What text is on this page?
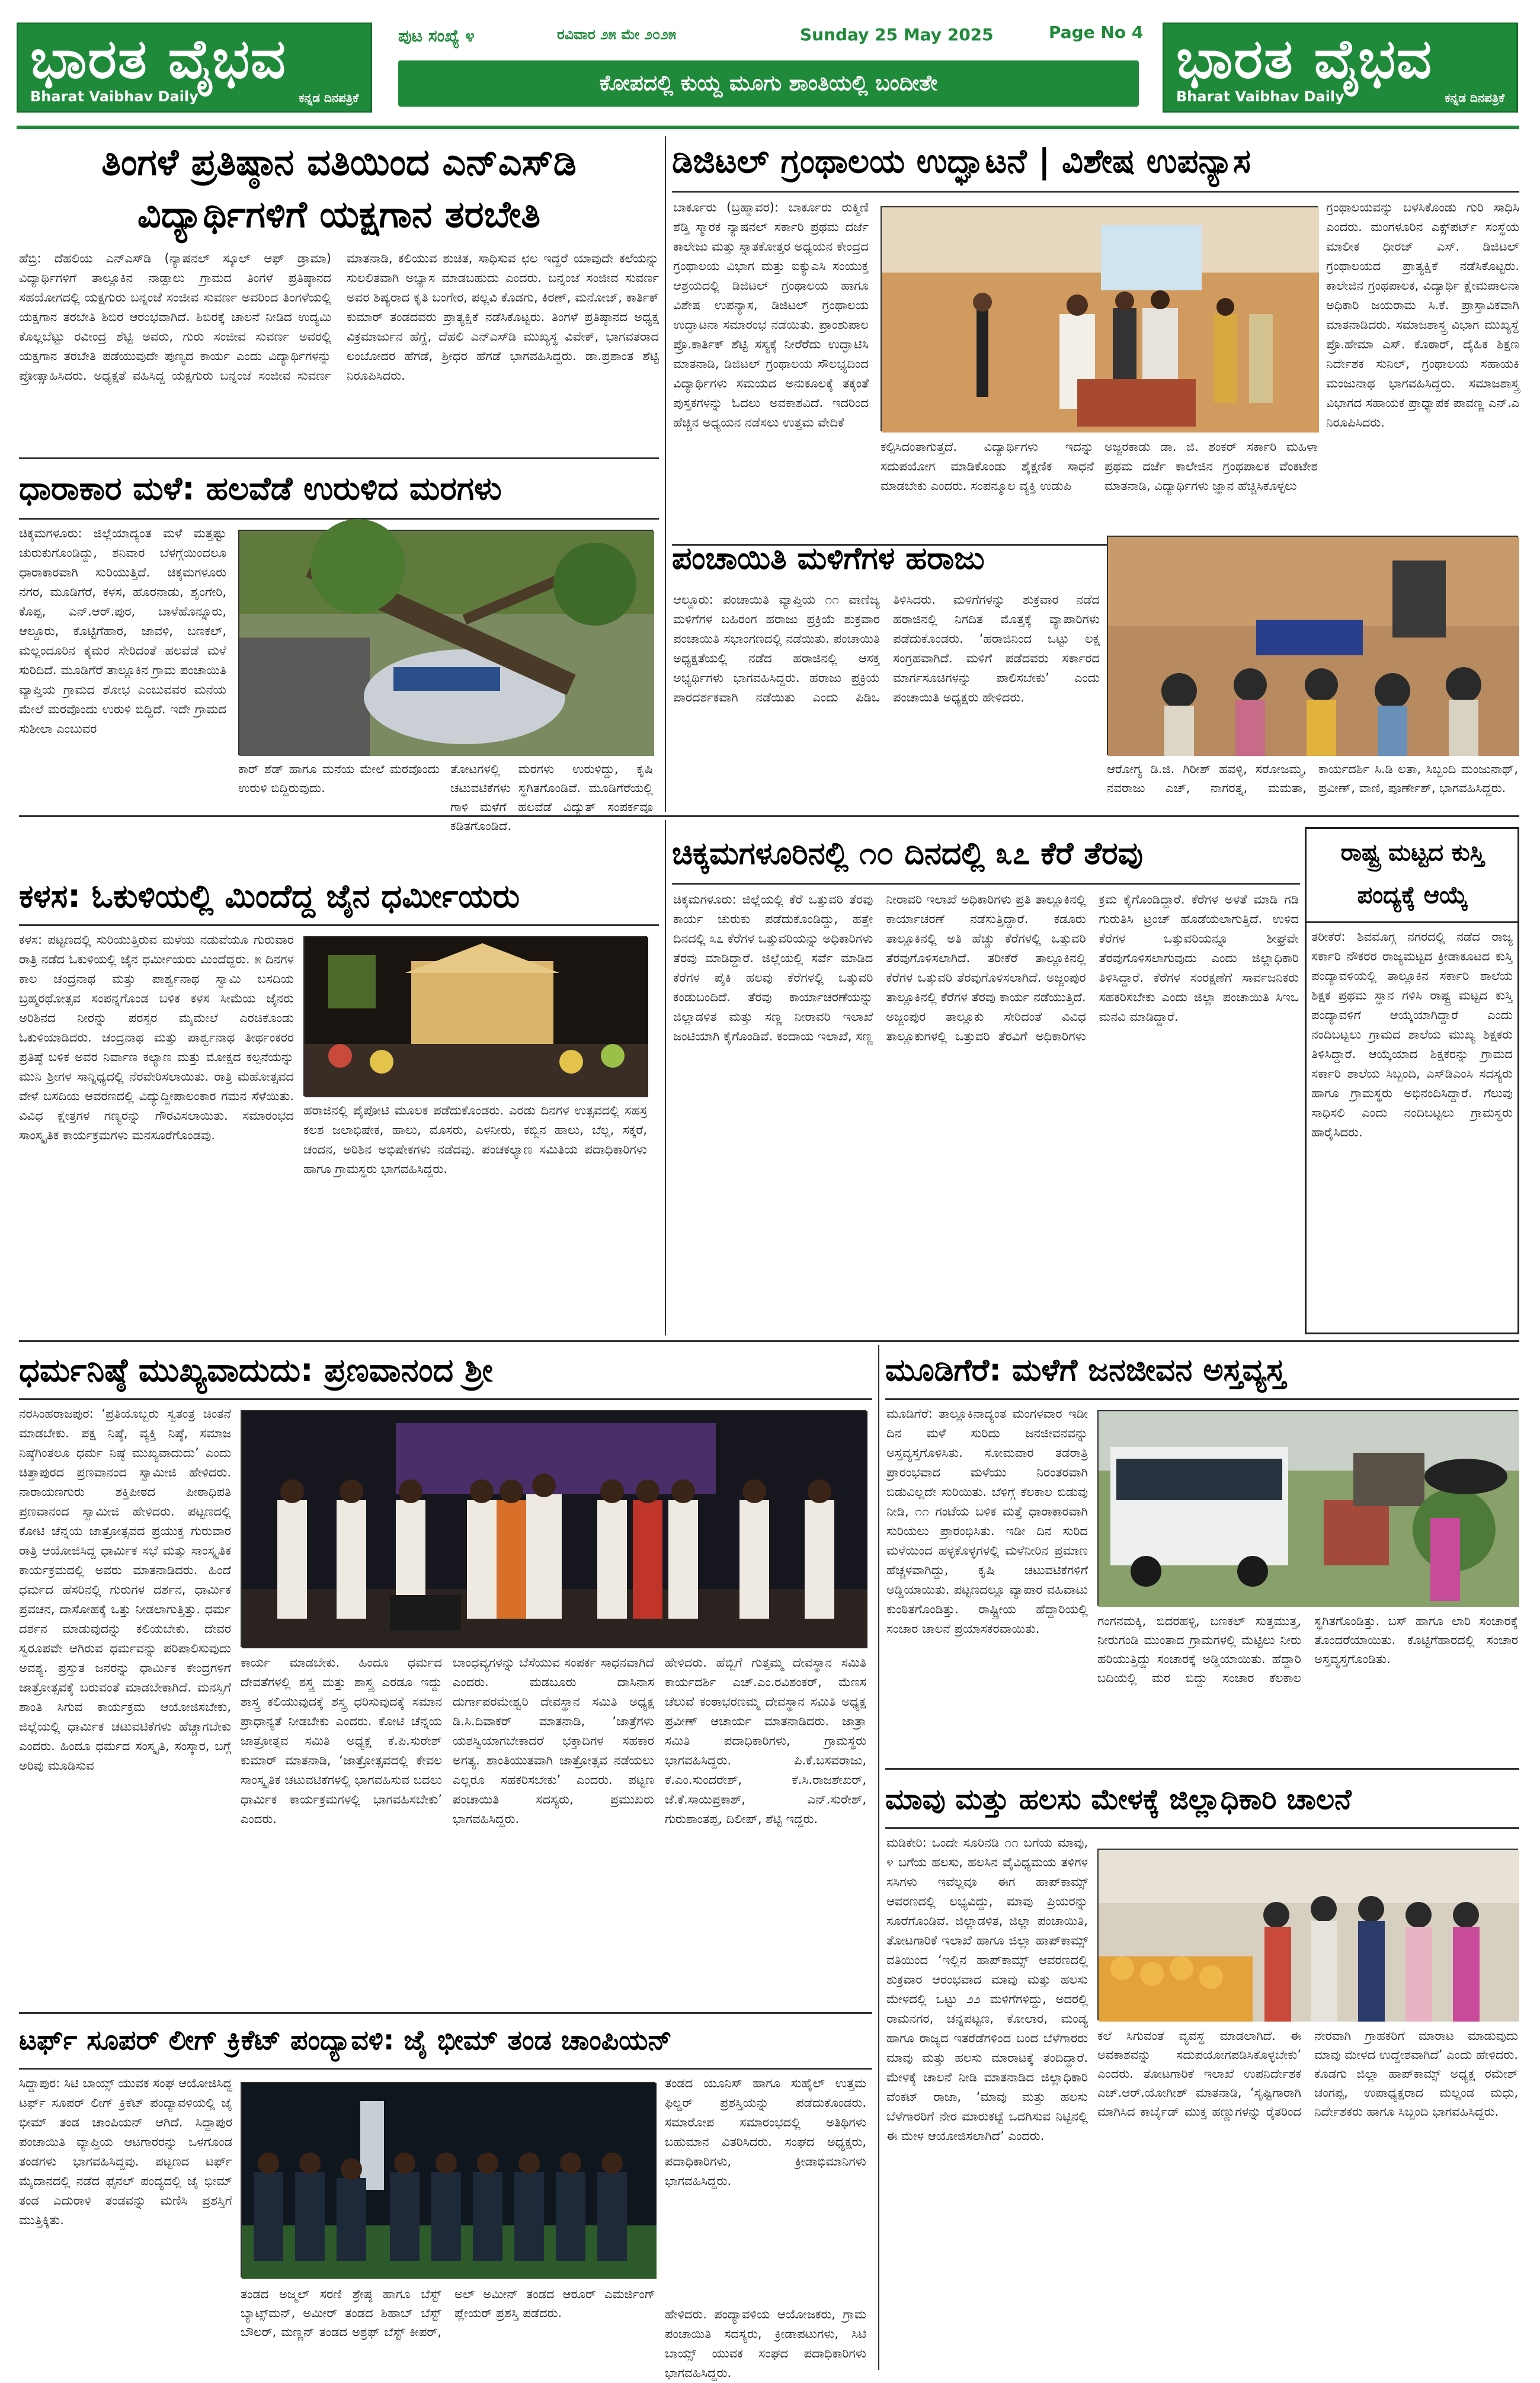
ಭಾರತ ವೈಭವ
Bharat Vaibhav Daily	ಕನ್ನಡ ದಿನಪತ್ರಿಕೆ
ಭಾರತ ವೈಭವ
Bharat Vaibhav Daily	ಕನ್ನಡ ದಿನಪತ್ರಿಕೆ
ಪುಟ ಸಂಖ್ಯೆ ೪	ರವಿವಾರ ೨೫ ಮೇ ೨೦೨೫	Sunday 25 May 2025	Page No 4
ಕೋಪದಲ್ಲಿ ಕುಯ್ದ ಮೂಗು ಶಾಂತಿಯಲ್ಲಿ ಬಂದೀತೇ
ತಿಂಗಳೆ ಪ್ರತಿಷ್ಠಾನ ವತಿಯಿಂದ ಎನ್‌ಎಸ್‌ಡಿ ವಿದ್ಯಾರ್ಥಿಗಳಿಗೆ ಯಕ್ಷಗಾನ ತರಬೇತಿ
ಹೆಬ್ರಿ: ದೆಹಲಿಯ ಎನ್‌ಎಸ್‌ಡಿ (ನ್ಯಾಷನಲ್ ಸ್ಕೂಲ್ ಆಫ್ ಡ್ರಾಮಾ) ವಿದ್ಯಾರ್ಥಿಗಳಿಗೆ ತಾಲ್ಲೂಕಿನ ನಾಡ್ಪಾಲು ಗ್ರಾಮದ ತಿಂಗಳೆ ಪ್ರತಿಷ್ಠಾನದ ಸಹಯೋಗದಲ್ಲಿ ಯಕ್ಷಗುರು ಬನ್ನಂಜೆ ಸಂಜೀವ ಸುವರ್ಣ ಅವರಿಂದ ತಿಂಗಳೆಯಲ್ಲಿ ಯಕ್ಷಗಾನ ತರಬೇತಿ ಶಿಬಿರ ಆರಂಭವಾಗಿದೆ. ಶಿಬಿರಕ್ಕೆ ಚಾಲನೆ ನೀಡಿದ ಉದ್ಯಮಿ ಕೊಲ್ಲಬೆಟ್ಟು ರವೀಂದ್ರ ಶೆಟ್ಟಿ ಅವರು, ಗುರು ಸಂಜೀವ ಸುವರ್ಣ ಅವರಲ್ಲಿ ಯಕ್ಷಗಾನ ತರಬೇತಿ ಪಡೆಯುವುದೇ ಪುಣ್ಯದ ಕಾರ್ಯ ಎಂದು ವಿದ್ಯಾರ್ಥಿಗಳನ್ನು ಪ್ರೋತ್ಸಾಹಿಸಿದರು. ಅಧ್ಯಕ್ಷತೆ ವಹಿಸಿದ್ದ ಯಕ್ಷಗುರು ಬನ್ನಂಜೆ ಸಂಜೀವ ಸುವರ್ಣ ಮಾತನಾಡಿ, ಕಲಿಯುವ ಶುಚಿತ, ಸಾಧಿಸುವ ಛಲ ಇದ್ದರೆ ಯಾವುದೇ ಕಲೆಯನ್ನು ಸುಲಲಿತವಾಗಿ ಅಭ್ಯಾಸ ಮಾಡಬಹುದು ಎಂದರು. ಬನ್ನಂಜೆ ಸಂಜೀವ ಸುವರ್ಣ ಅವರ ಶಿಷ್ಯರಾದ ಕೃತಿ ಬಂಗೇರ, ಪಲ್ಲವಿ ಕೊಡಗು, ಕಿರಣ್, ಮನೋಜ್, ಕಾರ್ತಿಕ್ ಕುಮಾರ್ ತಂಡದವರು ಪ್ರಾತ್ಯಕ್ಷಿಕೆ ನಡೆಸಿಕೊಟ್ಟರು. ತಿಂಗಳೆ ಪ್ರತಿಷ್ಠಾನದ ಅಧ್ಯಕ್ಷ ವಿಕ್ರಮಾರ್ಜುನ ಹೆಗ್ಡೆ, ದೆಹಲಿ ಎನ್‌ಎಸ್‌ಡಿ ಮುಖ್ಯಸ್ಥ ವಿವೇಕ್, ಭಾಗವತರಾದ ಲಂಬೋದರ ಹೆಗಡೆ, ಶ್ರೀಧರ ಹೆಗಡೆ ಭಾಗವಹಿಸಿದ್ದರು. ಡಾ.ಪ್ರಶಾಂತ ಶೆಟ್ಟಿ ನಿರೂಪಿಸಿದರು.
ಡಿಜಿಟಲ್ ಗ್ರಂಥಾಲಯ ಉದ್ಘಾಟನೆ | ವಿಶೇಷ ಉಪನ್ಯಾಸ
ಬಾರ್ಕೂರು (ಬ್ರಹ್ಮಾವರ): ಬಾರ್ಕೂರು ರುಕ್ಮಿಣಿ ಶೆಡ್ತಿ ಸ್ಮಾರಕ ನ್ಯಾಷನಲ್ ಸರ್ಕಾರಿ ಪ್ರಥಮ ದರ್ಜೆ ಕಾಲೇಜು ಮತ್ತು ಸ್ನಾತಕೋತ್ತರ ಅಧ್ಯಯನ ಕೇಂದ್ರದ ಗ್ರಂಥಾಲಯ ವಿಭಾಗ ಮತ್ತು ಐಕ್ಯುಎಸಿ ಸಂಯುಕ್ತ ಆಶ್ರಯದಲ್ಲಿ ಡಿಜಿಟಲ್ ಗ್ರಂಥಾಲಯ ಹಾಗೂ ವಿಶೇಷ ಉಪನ್ಯಾಸ, ಡಿಜಿಟಲ್ ಗ್ರಂಥಾಲಯ ಉದ್ಘಾಟನಾ ಸಮಾರಂಭ ನಡೆಯಿತು. ಪ್ರಾಂಶುಪಾಲ ಪ್ರೊ.ಕಾರ್ತಿಕ್ ಶೆಟ್ಟಿ ಸಸ್ಯಕ್ಕೆ ನೀರೆರೆದು ಉದ್ಘಾಟಿಸಿ ಮಾತನಾಡಿ, ಡಿಜಿಟಲ್ ಗ್ರಂಥಾಲಯ ಸೌಲಭ್ಯದಿಂದ ವಿದ್ಯಾರ್ಥಿಗಳು ಸಮಯದ ಅನುಕೂಲಕ್ಕೆ ತಕ್ಕಂತೆ ಪುಸ್ತಕಗಳನ್ನು ಓದಲು ಅವಕಾಶವಿದೆ. ಇದರಿಂದ ಹೆಚ್ಚಿನ ಅಧ್ಯಯನ ನಡೆಸಲು ಉತ್ತಮ ವೇದಿಕೆ
ಗ್ರಂಥಾಲಯವನ್ನು ಬಳಸಿಕೊಂಡು ಗುರಿ ಸಾಧಿಸಿ ಎಂದರು. ಮಂಗಳೂರಿನ ಎಕ್ಸ್‌ಪರ್ಟ್ ಸಂಸ್ಥೆಯ ಮಾಲೀಕ ಧೀರಜ್ ಎಸ್. ಡಿಜಿಟಲ್ ಗ್ರಂಥಾಲಯದ ಪ್ರಾತ್ಯಕ್ಷಿಕೆ ನಡೆಸಿಕೊಟ್ಟರು. ಕಾಲೇಜಿನ ಗ್ರಂಥಪಾಲಕ, ವಿದ್ಯಾರ್ಥಿ ಕ್ಷೇಮಪಾಲನಾ ಅಧಿಕಾರಿ ಜಯರಾಮ ಸಿ.ಕೆ. ಪ್ರಾಸ್ತಾವಿಕವಾಗಿ ಮಾತನಾಡಿದರು. ಸಮಾಜಶಾಸ್ತ್ರ ವಿಭಾಗ ಮುಖ್ಯಸ್ಥೆ ಪ್ರೊ.ಹೇಮಾ ಎಸ್. ಕೊಠಾರ್, ದೈಹಿಕ ಶಿಕ್ಷಣ ನಿರ್ದೇಶಕ ಸುನಿಲ್, ಗ್ರಂಥಾಲಯ ಸಹಾಯಕಿ ಮಂಜುನಾಥ ಭಾಗವಹಿಸಿದ್ದರು. ಸಮಾಜಶಾಸ್ತ್ರ ವಿಭಾಗದ ಸಹಾಯಕ ಪ್ರಾಧ್ಯಾಪಕ ಪಾವಣ್ಣ ಎನ್.ಎ ನಿರೂಪಿಸಿದರು.
ಕಲ್ಪಿಸಿದಂತಾಗುತ್ತದೆ. ವಿದ್ಯಾರ್ಥಿಗಳು ಇದನ್ನು ಸದುಪಯೋಗ ಮಾಡಿಕೊಂಡು ಶೈಕ್ಷಣಿಕ ಸಾಧನೆ ಮಾಡಬೇಕು ಎಂದರು. ಸಂಪನ್ಮೂಲ ವ್ಯಕ್ತಿ ಉಡುಪಿ
ಅಜ್ಜರಕಾಡು ಡಾ. ಜಿ. ಶಂಕರ್ ಸರ್ಕಾರಿ ಮಹಿಳಾ ಪ್ರಥಮ ದರ್ಜೆ ಕಾಲೇಜಿನ ಗ್ರಂಥಪಾಲಕ ವೆಂಕಟೇಶ ಮಾತನಾಡಿ, ವಿದ್ಯಾರ್ಥಿಗಳು ಜ್ಞಾನ ಹೆಚ್ಚಿಸಿಕೊಳ್ಳಲು
ಧಾರಾಕಾರ ಮಳೆ: ಹಲವೆಡೆ ಉರುಳಿದ ಮರಗಳು
ಚಿಕ್ಕಮಗಳೂರು: ಜಿಲ್ಲೆಯಾದ್ಯಂತ ಮಳೆ ಮತ್ತಷ್ಟು ಚುರುಕುಗೊಂಡಿದ್ದು, ಶನಿವಾರ ಬೆಳಗ್ಗೆಯಿಂದಲೂ ಧಾರಾಕಾರವಾಗಿ ಸುರಿಯುತ್ತಿದೆ. ಚಿಕ್ಕಮಗಳೂರು ನಗರ, ಮೂಡಿಗೆರೆ, ಕಳಸ, ಹೊರನಾಡು, ಶೃಂಗೇರಿ, ಕೊಪ್ಪ, ಎನ್.ಆರ್.ಪುರ, ಬಾಳೆಹೊನ್ನೂರು, ಆಲ್ದೂರು, ಕೊಟ್ಟಿಗೆಹಾರ, ಜಾವಳಿ, ಬಣಕಲ್, ಮಲ್ಲಂದೂರಿನ ಕೈಮರ ಸೇರಿದಂತೆ ಹಲವೆಡೆ ಮಳೆ ಸುರಿದಿದೆ. ಮೂಡಿಗೆರೆ ತಾಲ್ಲೂಕಿನ ಗ್ರಾಮ ಪಂಚಾಯಿತಿ ವ್ಯಾಪ್ತಿಯ ಗ್ರಾಮದ ಶೋಭ ಎಂಬುವವರ ಮನೆಯ ಮೇಲೆ ಮರವೊಂದು ಉರುಳಿ ಬಿದ್ದಿದೆ. ಇದೇ ಗ್ರಾಮದ ಸುಶೀಲಾ ಎಂಬುವರ
ಕಾರ್ ಶೆಡ್ ಹಾಗೂ ಮನೆಯ ಮೇಲೆ ಮರವೊಂದು ಉರುಳಿ ಬಿದ್ದಿರುವುದು.
ತೋಟಗಳಲ್ಲಿ ಮರಗಳು ಉರುಳಿದ್ದು, ಕೃಷಿ ಚಟುವಟಿಕೆಗಳು ಸ್ಥಗಿತಗೊಂಡಿವೆ. ಮೂಡಿಗೆರೆಯಲ್ಲಿ ಗಾಳಿ ಮಳೆಗೆ ಹಲವೆಡೆ ವಿದ್ಯುತ್ ಸಂಪರ್ಕವೂ ಕಡಿತಗೊಂಡಿದೆ.
ಪಂಚಾಯಿತಿ ಮಳಿಗೆಗಳ ಹರಾಜು
ಆಲ್ದೂರು: ಪಂಚಾಯಿತಿ ವ್ಯಾಪ್ತಿಯ ೧೧ ವಾಣಿಜ್ಯ ಮಳಿಗೆಗಳ ಬಹಿರಂಗ ಹರಾಜು ಪ್ರಕ್ರಿಯೆ ಶುಕ್ರವಾರ ಪಂಚಾಯಿತಿ ಸಭಾಂಗಣದಲ್ಲಿ ನಡೆಯಿತು. ಪಂಚಾಯಿತಿ ಅಧ್ಯಕ್ಷತೆಯಲ್ಲಿ ನಡೆದ ಹರಾಜಿನಲ್ಲಿ ಆಸಕ್ತ ಅಭ್ಯರ್ಥಿಗಳು ಭಾಗವಹಿಸಿದ್ದರು. ಹರಾಜು ಪ್ರಕ್ರಿಯೆ ಪಾರದರ್ಶಕವಾಗಿ ನಡೆಯಿತು ಎಂದು ಪಿಡಿಒ ತಿಳಿಸಿದರು. ಮಳಿಗೆಗಳನ್ನು ಶುಕ್ರವಾರ ನಡೆದ ಹರಾಜಿನಲ್ಲಿ ನಿಗದಿತ ಮೊತ್ತಕ್ಕೆ ವ್ಯಾಪಾರಿಗಳು ಪಡೆದುಕೊಂಡರು. ‘ಹರಾಜಿನಿಂದ ಒಟ್ಟು ಲಕ್ಷ ಸಂಗ್ರಹವಾಗಿದೆ. ಮಳಿಗೆ ಪಡೆದವರು ಸರ್ಕಾರದ ಮಾರ್ಗಸೂಚಿಗಳನ್ನು ಪಾಲಿಸಬೇಕು’ ಎಂದು ಪಂಚಾಯಿತಿ ಅಧ್ಯಕ್ಷರು ಹೇಳಿದರು.
ಆರೋಗ್ಯ ಡಿ.ಜಿ. ಗಿರೀಶ್ ಹವಳ್ಳಿ, ಸರೋಜಮ್ಮ, ನವರಾಜು ಎಚ್, ನಾಗರತ್ನ, ಮಮತಾ, ಕಾರ್ಯದರ್ಶಿ ಸಿ.ಡಿ ಲತಾ, ಸಿಬ್ಬಂದಿ ಮಂಜುನಾಥ್, ಪ್ರವೀಣ್, ವಾಣಿ, ಪೂರ್ಣೇಶ್, ಭಾಗವಹಿಸಿದ್ದರು.
ಕಳಸ: ಓಕುಳಿಯಲ್ಲಿ ಮಿಂದೆದ್ದ ಜೈನ ಧರ್ಮೀಯರು
ಕಳಸ: ಪಟ್ಟಣದಲ್ಲಿ ಸುರಿಯುತ್ತಿರುವ ಮಳೆಯ ನಡುವೆಯೂ ಗುರುವಾರ ರಾತ್ರಿ ನಡೆದ ಓಕುಳಿಯಲ್ಲಿ ಜೈನ ಧರ್ಮೀಯರು ಮಿಂದೆದ್ದರು. ೫ ದಿನಗಳ ಕಾಲ ಚಂದ್ರನಾಥ ಮತ್ತು ಪಾರ್ಶ್ವನಾಥ ಸ್ವಾಮಿ ಬಸದಿಯ ಬ್ರಹ್ಮರಥೋತ್ಸವ ಸಂಪನ್ನಗೊಂಡ ಬಳಿಕ ಕಳಸ ಸೀಮೆಯ ಜೈನರು ಅರಿಶಿನದ ನೀರನ್ನು ಪರಸ್ಪರ ಮೈಮೇಲೆ ಎರಚಿಕೊಂಡು ಓಕುಳಿಯಾಡಿದರು. ಚಂದ್ರನಾಥ ಮತ್ತು ಪಾರ್ಶ್ವನಾಥ ತೀರ್ಥಂಕರರ ಪ್ರತಿಷ್ಠೆ ಬಳಿಕ ಅವರ ನಿರ್ವಾಣ ಕಲ್ಯಾಣ ಮತ್ತು ಮೋಕ್ಷದ ಕಲ್ಪನೆಯನ್ನು ಮುನಿ ಶ್ರೀಗಳ ಸಾನ್ನಿಧ್ಯದಲ್ಲಿ ನೆರವೇರಿಸಲಾಯಿತು. ರಾತ್ರಿ ಮಹೋತ್ಸವದ ವೇಳೆ ಬಸದಿಯ ಆವರಣದಲ್ಲಿ ವಿದ್ಯುದ್ದೀಪಾಲಂಕಾರ ಗಮನ ಸೆಳೆಯಿತು. ವಿವಿಧ ಕ್ಷೇತ್ರಗಳ ಗಣ್ಯರನ್ನು ಗೌರವಿಸಲಾಯಿತು. ಸಮಾರಂಭದ ಸಾಂಸ್ಕೃತಿಕ ಕಾರ್ಯಕ್ರಮಗಳು ಮನಸೂರೆಗೊಂಡವು.
ಹರಾಜಿನಲ್ಲಿ ಪೈಪೋಟಿ ಮೂಲಕ ಪಡೆದುಕೊಂಡರು. ಎರಡು ದಿನಗಳ ಉತ್ಸವದಲ್ಲಿ ಸಹಸ್ರ ಕಲಶ ಜಲಾಭಿಷೇಕ, ಹಾಲು, ಮೊಸರು, ಎಳನೀರು, ಕಬ್ಬಿನ ಹಾಲು, ಬೆಲ್ಲ, ಸಕ್ಕರೆ, ಚಂದನ, ಅರಿಶಿನ ಅಭಿಷೇಕಗಳು ನಡೆದವು. ಪಂಚಕಲ್ಯಾಣ ಸಮಿತಿಯ ಪದಾಧಿಕಾರಿಗಳು ಹಾಗೂ ಗ್ರಾಮಸ್ಥರು ಭಾಗವಹಿಸಿದ್ದರು.
ಚಿಕ್ಕಮಗಳೂರಿನಲ್ಲಿ ೧೦ ದಿನದಲ್ಲಿ ೩೭ ಕೆರೆ ತೆರವು
ಚಿಕ್ಕಮಗಳೂರು: ಜಿಲ್ಲೆಯಲ್ಲಿ ಕೆರೆ ಒತ್ತುವರಿ ತೆರವು ಕಾರ್ಯ ಚುರುಕು ಪಡೆದುಕೊಂಡಿದ್ದು, ಹತ್ತೇ ದಿನದಲ್ಲಿ ೩೭ ಕೆರೆಗಳ ಒತ್ತುವರಿಯನ್ನು ಅಧಿಕಾರಿಗಳು ತೆರವು ಮಾಡಿದ್ದಾರೆ. ಜಿಲ್ಲೆಯಲ್ಲಿ ಸರ್ವೆ ಮಾಡಿದ ಕೆರೆಗಳ ಪೈಕಿ ಹಲವು ಕೆರೆಗಳಲ್ಲಿ ಒತ್ತುವರಿ ಕಂಡುಬಂದಿದೆ. ತೆರವು ಕಾರ್ಯಾಚರಣೆಯನ್ನು ಜಿಲ್ಲಾಡಳಿತ ಮತ್ತು ಸಣ್ಣ ನೀರಾವರಿ ಇಲಾಖೆ ಜಂಟಿಯಾಗಿ ಕೈಗೊಂಡಿವೆ. ಕಂದಾಯ ಇಲಾಖೆ, ಸಣ್ಣ ನೀರಾವರಿ ಇಲಾಖೆ ಅಧಿಕಾರಿಗಳು ಪ್ರತಿ ತಾಲ್ಲೂಕಿನಲ್ಲಿ ಕಾರ್ಯಾಚರಣೆ ನಡೆಸುತ್ತಿದ್ದಾರೆ. ಕಡೂರು ತಾಲ್ಲೂಕಿನಲ್ಲಿ ಅತಿ ಹೆಚ್ಚು ಕೆರೆಗಳಲ್ಲಿ ಒತ್ತುವರಿ ತೆರವುಗೊಳಿಸಲಾಗಿದೆ. ತರೀಕೆರೆ ತಾಲ್ಲೂಕಿನಲ್ಲಿ ಕೆರೆಗಳ ಒತ್ತುವರಿ ತೆರವುಗೊಳಿಸಲಾಗಿದೆ. ಅಜ್ಜಂಪುರ ತಾಲ್ಲೂಕಿನಲ್ಲಿ ಕೆರೆಗಳ ತೆರವು ಕಾರ್ಯ ನಡೆಯುತ್ತಿದೆ. ಅಜ್ಜಂಪುರ ತಾಲ್ಲೂಕು ಸೇರಿದಂತೆ ವಿವಿಧ ತಾಲ್ಲೂಕುಗಳಲ್ಲಿ ಒತ್ತುವರಿ ತೆರವಿಗೆ ಅಧಿಕಾರಿಗಳು ಕ್ರಮ ಕೈಗೊಂಡಿದ್ದಾರೆ. ಕೆರೆಗಳ ಅಳತೆ ಮಾಡಿ ಗಡಿ ಗುರುತಿಸಿ ಟ್ರಂಚ್ ಹೊಡೆಯಲಾಗುತ್ತಿದೆ. ಉಳಿದ ಕೆರೆಗಳ ಒತ್ತುವರಿಯನ್ನೂ ಶೀಘ್ರವೇ ತೆರವುಗೊಳಿಸಲಾಗುವುದು ಎಂದು ಜಿಲ್ಲಾಧಿಕಾರಿ ತಿಳಿಸಿದ್ದಾರೆ. ಕೆರೆಗಳ ಸಂರಕ್ಷಣೆಗೆ ಸಾರ್ವಜನಿಕರು ಸಹಕರಿಸಬೇಕು ಎಂದು ಜಿಲ್ಲಾ ಪಂಚಾಯಿತಿ ಸಿಇಒ ಮನವಿ ಮಾಡಿದ್ದಾರೆ.
ರಾಷ್ಟ್ರ ಮಟ್ಟದ ಕುಸ್ತಿ ಪಂದ್ಯಕ್ಕೆ ಆಯ್ಕೆ
ತರೀಕೆರೆ: ಶಿವಮೊಗ್ಗ ನಗರದಲ್ಲಿ ನಡೆದ ರಾಜ್ಯ ಸರ್ಕಾರಿ ನೌಕರರ ರಾಜ್ಯಮಟ್ಟದ ಕ್ರೀಡಾಕೂಟದ ಕುಸ್ತಿ ಪಂದ್ಯಾವಳಿಯಲ್ಲಿ ತಾಲ್ಲೂಕಿನ ಸರ್ಕಾರಿ ಶಾಲೆಯ ಶಿಕ್ಷಕ ಪ್ರಥಮ ಸ್ಥಾನ ಗಳಿಸಿ ರಾಷ್ಟ್ರ ಮಟ್ಟದ ಕುಸ್ತಿ ಪಂದ್ಯಾವಳಿಗೆ ಆಯ್ಕೆಯಾಗಿದ್ದಾರೆ ಎಂದು ನಂದಿಬಟ್ಟಲು ಗ್ರಾಮದ ಶಾಲೆಯ ಮುಖ್ಯ ಶಿಕ್ಷಕರು ತಿಳಿಸಿದ್ದಾರೆ. ಆಯ್ಕೆಯಾದ ಶಿಕ್ಷಕರನ್ನು ಗ್ರಾಮದ ಸರ್ಕಾರಿ ಶಾಲೆಯ ಸಿಬ್ಬಂದಿ, ಎಸ್‌ಡಿಎಂಸಿ ಸದಸ್ಯರು ಹಾಗೂ ಗ್ರಾಮಸ್ಥರು ಅಭಿನಂದಿಸಿದ್ದಾರೆ. ಗೆಲುವು ಸಾಧಿಸಲಿ ಎಂದು ನಂದಿಬಟ್ಟಲು ಗ್ರಾಮಸ್ಥರು ಹಾರೈಸಿದರು.
ಧರ್ಮನಿಷ್ಠೆ ಮುಖ್ಯವಾದುದು: ಪ್ರಣವಾನಂದ ಶ್ರೀ
ನರಸಿಂಹರಾಜಪುರ: ‘ಪ್ರತಿಯೊಬ್ಬರು ಸ್ವತಂತ್ರ ಚಿಂತನೆ ಮಾಡಬೇಕು. ಪಕ್ಷ ನಿಷ್ಠೆ, ವ್ಯಕ್ತಿ ನಿಷ್ಠೆ, ಸಮಾಜ ನಿಷ್ಠೆಗಿಂತಲೂ ಧರ್ಮ ನಿಷ್ಠೆ ಮುಖ್ಯವಾದುದು’ ಎಂದು ಚಿತ್ತಾಪುರದ ಪ್ರಣವಾನಂದ ಸ್ವಾಮೀಜಿ ಹೇಳಿದರು. ನಾರಾಯಣಗುರು ಶಕ್ತಿಪೀಠದ ಪೀಠಾಧಿಪತಿ ಪ್ರಣವಾನಂದ ಸ್ವಾಮೀಜಿ ಹೇಳಿದರು. ಪಟ್ಟಣದಲ್ಲಿ ಕೋಟಿ ಚೆನ್ನಯ ಜಾತ್ರೋತ್ಸವದ ಪ್ರಯುಕ್ತ ಗುರುವಾರ ರಾತ್ರಿ ಆಯೋಜಿಸಿದ್ದ ಧಾರ್ಮಿಕ ಸಭೆ ಮತ್ತು ಸಾಂಸ್ಕೃತಿಕ ಕಾರ್ಯಕ್ರಮದಲ್ಲಿ ಅವರು ಮಾತನಾಡಿದರು. ಹಿಂದೆ ಧರ್ಮದ ಹೆಸರಿನಲ್ಲಿ ಗುರುಗಳ ದರ್ಶನ, ಧಾರ್ಮಿಕ ಪ್ರವಚನ, ದಾಸೋಹಕ್ಕೆ ಒತ್ತು ನೀಡಲಾಗುತ್ತಿತ್ತು. ಧರ್ಮ ದರ್ಶನ ಮಾಡುವುದನ್ನು ಕಲಿಯಬೇಕು. ದೇವರ ಸ್ವರೂಪವೇ ಆಗಿರುವ ಧರ್ಮವನ್ನು ಪರಿಪಾಲಿಸುವುದು ಅವಶ್ಯ. ಪ್ರಸ್ತುತ ಜನರನ್ನು ಧಾರ್ಮಿಕ ಕೇಂದ್ರಗಳಿಗೆ ಜಾತ್ರೋತ್ಸವಕ್ಕೆ ಬರುವಂತೆ ಮಾಡಬೇಕಾಗಿದೆ. ಮನಸ್ಸಿಗೆ ಶಾಂತಿ ಸಿಗುವ ಕಾರ್ಯಕ್ರಮ ಆಯೋಜಿಸಬೇಕು, ಜಿಲ್ಲೆಯಲ್ಲಿ ಧಾರ್ಮಿಕ ಚಟುವಟಿಕೆಗಳು ಹೆಚ್ಚಾಗಬೇಕು ಎಂದರು. ಹಿಂದೂ ಧರ್ಮದ ಸಂಸ್ಕೃತಿ, ಸಂಸ್ಕಾರ, ಬಗ್ಗೆ ಅರಿವು ಮೂಡಿಸುವ
ಕಾರ್ಯ ಮಾಡಬೇಕು. ಹಿಂದೂ ಧರ್ಮದ ದೇವತೆಗಳಲ್ಲಿ ಶಸ್ತ್ರ ಮತ್ತು ಶಾಸ್ತ್ರ ಎರಡೂ ಇದ್ದು ಶಾಸ್ತ್ರ ಕಲಿಯುವುದಕ್ಕೆ ಶಸ್ತ್ರ ಧರಿಸುವುದಕ್ಕೆ ಸಮಾನ ಪ್ರಾಧಾನ್ಯತೆ ನೀಡಬೇಕು ಎಂದರು. ಕೋಟಿ ಚೆನ್ನಯ ಜಾತ್ರೋತ್ಸವ ಸಮಿತಿ ಅಧ್ಯಕ್ಷ ಕೆ.ಪಿ.ಸುರೇಶ್ ಕುಮಾರ್ ಮಾತನಾಡಿ, ‘ಜಾತ್ರೋತ್ಸವದಲ್ಲಿ ಕೇವಲ ಸಾಂಸ್ಕೃತಿಕ ಚಟುವಟಿಕೆಗಳಲ್ಲಿ ಭಾಗವಹಿಸುವ ಬದಲು ಧಾರ್ಮಿಕ ಕಾರ್ಯಕ್ರಮಗಳಲ್ಲಿ ಭಾಗವಹಿಸಬೇಕು’ ಎಂದರು.
ಬಾಂಧವ್ಯಗಳನ್ನು ಬೆಸೆಯುವ ಸಂಪರ್ಕ ಸಾಧನವಾಗಿದೆ ಎಂದರು. ಮಡಬೂರು ದಾಸಿನಾಸ ದುರ್ಗಾಪರಮೇಶ್ವರಿ ದೇವಸ್ಥಾನ ಸಮಿತಿ ಅಧ್ಯಕ್ಷ ಡಿ.ಸಿ.ದಿವಾಕರ್ ಮಾತನಾಡಿ, ‘ಜಾತ್ರೆಗಳು ಯಶಸ್ವಿಯಾಗಬೇಕಾದರೆ ಭಕ್ತಾದಿಗಳ ಸಹಕಾರ ಅಗತ್ಯ. ಶಾಂತಿಯುತವಾಗಿ ಜಾತ್ರೋತ್ಸವ ನಡೆಯಲು ಎಲ್ಲರೂ ಸಹಕರಿಸಬೇಕು’ ಎಂದರು. ಪಟ್ಟಣ ಪಂಚಾಯಿತಿ ಸದಸ್ಯರು, ಪ್ರಮುಖರು ಭಾಗವಹಿಸಿದ್ದರು.
ಹೇಳಿದರು. ಹೆಬ್ಬಿಗೆ ಗುತ್ತಮ್ಮ ದೇವಸ್ಥಾನ ಸಮಿತಿ ಕಾರ್ಯದರ್ಶಿ ಎಚ್.ಎಂ.ರವಿಶಂಕರ್, ಮೆಣಸ ಚೆಲುವೆ ಕಂಠಾಭರಣಮ್ಮ ದೇವಸ್ಥಾನ ಸಮಿತಿ ಅಧ್ಯಕ್ಷ ಪ್ರವೀಣ್ ಆಚಾರ್ಯ ಮಾತನಾಡಿದರು. ಜಾತ್ರಾ ಸಮಿತಿ ಪದಾಧಿಕಾರಿಗಳು, ಗ್ರಾಮಸ್ಥರು ಭಾಗವಹಿಸಿದ್ದರು. ಪಿ.ಕೆ.ಬಸವರಾಜು, ಕೆ.ಎಂ.ಸುಂದರೇಶ್, ಕೆ.ಸಿ.ರಾಜಶೇಖರ್, ಜೆ.ಕೆ.ಸಾಯಿಪ್ರಕಾಶ್, ಎನ್.ಸುರೇಶ್, ಗುರುಶಾಂತಪ್ಪ, ದಿಲೀಪ್, ಶೆಟ್ಟಿ ಇದ್ದರು.
ಮೂಡಿಗೆರೆ: ಮಳೆಗೆ ಜನಜೀವನ ಅಸ್ತವ್ಯಸ್ತ
ಮೂಡಿಗೆರೆ: ತಾಲ್ಲೂಕಿನಾದ್ಯಂತ ಮಂಗಳವಾರ ಇಡೀ ದಿನ ಮಳೆ ಸುರಿದು ಜನಜೀವನವನ್ನು ಅಸ್ತವ್ಯಸ್ತಗೊಳಿಸಿತು. ಸೋಮವಾರ ತಡರಾತ್ರಿ ಪ್ರಾರಂಭವಾದ ಮಳೆಯು ನಿರಂತರವಾಗಿ ಬಿಡುವಿಲ್ಲದೇ ಸುರಿಯಿತು. ಬೆಳಿಗ್ಗೆ ಕೆಲಕಾಲ ಬಿಡುವು ನೀಡಿ, ೧೧ ಗಂಟೆಯ ಬಳಿಕ ಮತ್ತೆ ಧಾರಾಕಾರವಾಗಿ ಸುರಿಯಲು ಪ್ರಾರಂಭಿಸಿತು. ಇಡೀ ದಿನ ಸುರಿದ ಮಳೆಯಿಂದ ಹಳ್ಳಕೊಳ್ಳಗಳಲ್ಲಿ ಮಳೆನೀರಿನ ಪ್ರಮಾಣ ಹೆಚ್ಚಳವಾಗಿದ್ದು, ಕೃಷಿ ಚಟುವಟಿಕೆಗಳಿಗೆ ಅಡ್ಡಿಯಾಯಿತು. ಪಟ್ಟಣದಲ್ಲೂ ವ್ಯಾಪಾರ ವಹಿವಾಟು ಕುಂಠಿತಗೊಂಡಿತ್ತು. ರಾಷ್ಟ್ರೀಯ ಹೆದ್ದಾರಿಯಲ್ಲಿ ಸಂಚಾರ ಚಾಲನೆ ಪ್ರಯಾಸಕರವಾಯಿತು.
ಗಂಗನಮಕ್ಕಿ, ಬಿದರಹಳ್ಳಿ, ಬಣಕಲ್ ಸುತ್ತಮುತ್ತ, ನೀರುಗಂಡಿ ಮುಂತಾದ ಗ್ರಾಮಗಳಲ್ಲಿ ಮೆಟ್ಟಿಲು ನೀರು ಹರಿಯುತ್ತಿದ್ದು ಸಂಚಾರಕ್ಕೆ ಅಡ್ಡಿಯಾಯಿತು. ಹೆದ್ದಾರಿ ಬದಿಯಲ್ಲಿ ಮರ ಬಿದ್ದು ಸಂಚಾರ ಕೆಲಕಾಲ ಸ್ಥಗಿತಗೊಂಡಿತ್ತು. ಬಸ್ ಹಾಗೂ ಲಾರಿ ಸಂಚಾರಕ್ಕೆ ತೊಂದರೆಯಾಯಿತು. ಕೊಟ್ಟಿಗೆಹಾರದಲ್ಲಿ ಸಂಚಾರ ಅಸ್ತವ್ಯಸ್ತಗೊಂಡಿತು.
ಮಾವು ಮತ್ತು ಹಲಸು ಮೇಳಕ್ಕೆ ಜಿಲ್ಲಾಧಿಕಾರಿ ಚಾಲನೆ
ಮಡಿಕೇರಿ: ಒಂದೇ ಸೂರಿನಡಿ ೧೧ ಬಗೆಯ ಮಾವು, ೪ ಬಗೆಯ ಹಲಸು, ಹಲಸಿನ ವೈವಿಧ್ಯಮಯ ತಳಿಗಳ ಸಸಿಗಳು ಇವೆಲ್ಲವೂ ಈಗ ಹಾಪ್‌ಕಾಮ್ಸ್ ಆವರಣದಲ್ಲಿ ಲಭ್ಯವಿದ್ದು, ಮಾವು ಪ್ರಿಯರನ್ನು ಸೂರೆಗೊಂಡಿವೆ. ಜಿಲ್ಲಾಡಳಿತ, ಜಿಲ್ಲಾ ಪಂಚಾಯಿತಿ, ತೋಟಗಾರಿಕೆ ಇಲಾಖೆ ಹಾಗೂ ಜಿಲ್ಲಾ ಹಾಪ್‌ಕಾಮ್ಸ್ ವತಿಯಿಂದ ‘ಇಲ್ಲಿನ ಹಾಪ್‌ಕಾಮ್ಸ್ ಆವರಣದಲ್ಲಿ ಶುಕ್ರವಾರ ಆರಂಭವಾದ ಮಾವು ಮತ್ತು ಹಲಸು ಮೇಳದಲ್ಲಿ ಒಟ್ಟು ೨೨ ಮಳಿಗೆಗಳಿದ್ದು, ಅದರಲ್ಲಿ ರಾಮನಗರ, ಚನ್ನಪಟ್ಟಣ, ಕೋಲಾರ, ಮಂಡ್ಯ ಹಾಗೂ ರಾಜ್ಯದ ಇತರೆಡೆಗಳಿಂದ ಬಂದ ಬೆಳೆಗಾರರು ಮಾವು ಮತ್ತು ಹಲಸು ಮಾರಾಟಕ್ಕೆ ತಂದಿದ್ದಾರೆ. ಮೇಳಕ್ಕೆ ಚಾಲನೆ ನೀಡಿ ಮಾತನಾಡಿದ ಜಿಲ್ಲಾಧಿಕಾರಿ ವೆಂಕಟ್ ರಾಜಾ, ‘ಮಾವು ಮತ್ತು ಹಲಸು ಬೆಳೆಗಾರರಿಗೆ ನೇರ ಮಾರುಕಟ್ಟೆ ಒದಗಿಸುವ ನಿಟ್ಟಿನಲ್ಲಿ ಈ ಮೇಳ ಆಯೋಜಿಸಲಾಗಿದೆ’ ಎಂದರು.
ಕಲೆ ಸಿಗುವಂತೆ ವ್ಯವಸ್ಥೆ ಮಾಡಲಾಗಿದೆ. ಈ ಅವಕಾಶವನ್ನು ಸದುಪಯೋಗಪಡಿಸಿಕೊಳ್ಳಬೇಕು’ ಎಂದರು. ತೋಟಗಾರಿಕೆ ಇಲಾಖೆ ಉಪನಿರ್ದೇಶಕ ಎಚ್.ಆರ್.ಯೋಗೀಶ್ ಮಾತನಾಡಿ, ‘ಸೃಷ್ಟಿಗಾರಾಗಿ ಮಾಗಿಸಿದ ಕಾರ್ಬೈಡ್ ಮುಕ್ತ ಹಣ್ಣುಗಳನ್ನು ರೈತರಿಂದ ನೇರವಾಗಿ ಗ್ರಾಹಕರಿಗೆ ಮಾರಾಟ ಮಾಡುವುದು ಮಾವು ಮೇಳದ ಉದ್ದೇಶವಾಗಿದೆ’ ಎಂದು ಹೇಳಿದರು. ಕೊಡಗು ಜಿಲ್ಲಾ ಹಾಪ್‌ಕಾಮ್ಸ್ ಅಧ್ಯಕ್ಷ ರಮೇಶ್ ಚಂಗಪ್ಪ, ಉಪಾಧ್ಯಕ್ಷರಾದ ಮಲ್ಲಂಡ ಮಧು, ನಿರ್ದೇಶಕರು ಹಾಗೂ ಸಿಬ್ಬಂದಿ ಭಾಗವಹಿಸಿದ್ದರು.
ಟರ್ಫ್ ಸೂಪರ್ ಲೀಗ್ ಕ್ರಿಕೆಟ್ ಪಂದ್ಯಾವಳಿ: ಜೈ ಭೀಮ್ ತಂಡ ಚಾಂಪಿಯನ್
ಸಿದ್ದಾಪುರ: ಸಿಟಿ ಬಾಯ್ಸ್ ಯುವಕ ಸಂಘ ಆಯೋಜಿಸಿದ್ದ ಟರ್ಫ್ ಸೂಪರ್ ಲೀಗ್ ಕ್ರಿಕೆಟ್ ಪಂದ್ಯಾವಳಿಯಲ್ಲಿ ಜೈ ಭೀಮ್ ತಂಡ ಚಾಂಪಿಯನ್ ಆಗಿದೆ. ಸಿದ್ದಾಪುರ ಪಂಚಾಯಿತಿ ವ್ಯಾಪ್ತಿಯ ಆಟಗಾರರನ್ನು ಒಳಗೊಂಡ ತಂಡಗಳು ಭಾಗವಹಿಸಿದ್ದವು. ಪಟ್ಟಣದ ಟರ್ಫ್ ಮೈದಾನದಲ್ಲಿ ನಡೆದ ಫೈನಲ್ ಪಂದ್ಯದಲ್ಲಿ ಜೈ ಭೀಮ್ ತಂಡ ಎದುರಾಳಿ ತಂಡವನ್ನು ಮಣಿಸಿ ಪ್ರಶಸ್ತಿಗೆ ಮುತ್ತಿಕ್ಕಿತು.
ತಂಡದ ಯೂನಿಸ್ ಹಾಗೂ ಸುಹೈಲ್ ಉತ್ತಮ ಫಿಲ್ಡರ್ ಪ್ರಶಸ್ತಿಯನ್ನು ಪಡೆದುಕೊಂಡರು. ಸಮಾರೋಪ ಸಮಾರಂಭದಲ್ಲಿ ಅತಿಥಿಗಳು ಬಹುಮಾನ ವಿತರಿಸಿದರು. ಸಂಘದ ಅಧ್ಯಕ್ಷರು, ಪದಾಧಿಕಾರಿಗಳು, ಕ್ರೀಡಾಭಿಮಾನಿಗಳು ಭಾಗವಹಿಸಿದ್ದರು.
ತಂಡದ ಅಜ್ಮಲ್ ಸರಣಿ ಶ್ರೇಷ್ಠ ಹಾಗೂ ಬೆಸ್ಟ್ ಬ್ಯಾಟ್ಸ್‌ಮನ್, ಅಮೀರ್ ತಂಡದ ಶಿಹಾಬ್ ಬೆಸ್ಟ್ ಬೌಲರ್, ಮಣ್ಣನ್ ತಂಡದ ಅಶ್ರಫ್ ಬೆಸ್ಟ್ ಕೀಪರ್, ಅಲ್ ಅಮೀನ್ ತಂಡದ ಆರೂರ್ ಎಮರ್ಜಿಂಗ್ ಪ್ಲೇಯರ್ ಪ್ರಶಸ್ತಿ ಪಡೆದರು.	ಹೇಳಿದರು. ಪಂದ್ಯಾವಳಿಯ ಆಯೋಜಕರು, ಗ್ರಾಮ ಪಂಚಾಯಿತಿ ಸದಸ್ಯರು, ಕ್ರೀಡಾಪಟುಗಳು, ಸಿಟಿ ಬಾಯ್ಸ್ ಯುವಕ ಸಂಘದ ಪದಾಧಿಕಾರಿಗಳು ಭಾಗವಹಿಸಿದ್ದರು.
